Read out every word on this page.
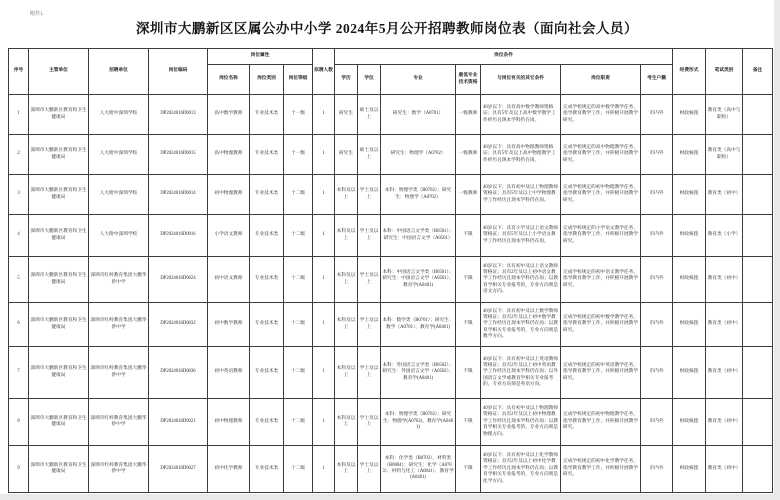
附件1.
深圳市大鹏新区区属公办中小学 2024年5月公开招聘教师岗位表（面向社会人员）
序号	主管单位	招聘单位	岗位编码	岗位属性			拟聘人数	岗位条件							经费形式	笔试类别	备注
				岗位名称	岗位类别	岗位等级		学历	学位	专业	最低专业技术资格	与岗位有关的其它条件	岗位职责	考生户籍			
1	深圳市大鹏新区教育和卫生健康局	人大附中深圳学校	DP2024016D0013	高中数学教师	专业技术类	十一级	1	研究生	硕士及以上	研究生：数学（A0701）	一级教师	40岁以下；具有高中数学教师资格证；具有5年及以上高中数学教学工作经历且现本学科仍在岗。	完成学校规定的高中数学教学任务，指导教育教学工作，并积极开展教学研究。	市内外	财政核拨	教育类（高中与职校）	
2	深圳市大鹏新区教育和卫生健康局	人大附中深圳学校	DP2024016D0015	高中物理教师	专业技术类	十一级	1	研究生	硕士及以上	研究生：物理学（A0702）	一级教师	40岁以下；具有高中物理教师资格证；具有5年及以上高中物理教学工作经历且现本学科仍在岗。	完成学校规定的高中物理教学任务，指导教育教学工作，并积极开展教学研究。	市内外	财政核拨	教育类（高中与职校）	
3	深圳市大鹏新区教育和卫生健康局	人大附中深圳学校	DP2024016D0014	初中物理教师	专业技术类	十二级	1	本科及以上	学士及以上	本科：物理学类（B0702）；研究生：物理学（A0702）	一级教师	40岁以下；具有初中及以上物理教师资格证；具有5年及以上中学物理教学工作经历且现本学科仍在岗。	完成学校规定的初中物理教学任务，指导教育教学工作，并积极开展教学研究。	市内外	财政核拨	教育类（初中）	
4	深圳市大鹏新区教育和卫生健康局	人大附中深圳学校	DP2024016D0016	小学语文教师	专业技术类	十二级	1	本科及以上	学士及以上	本科：中国语言文学类（B0501）；研究生：中国语言文学（A0501）	不限	40岁以下；具有小学及以上语文教师资格证；具有5年及以上小学语文教学工作经历且现本学科仍在岗。	完成学校规定的小学语文教学任务，指导教育教学工作，并积极开展教学研究。	市内外	财政核拨	教育类（小学）	
5	深圳市大鹏新区教育和卫生健康局	深圳市红岭教育集团大鹏华侨中学	DP2024016D0024	初中语文教师	专业技术类	十二级	1	本科及以上	学士及以上	本科：中国语言文学类（B0501）；研究生：中国语言文学（A0501）、教育学(A0401)	不限	40岁以下；具有初中及以上语文教师资格证；具有2年及以上初中语文教学工作经历且现本学科仍在岗；以教育学相关专业报考的，专业方向须是语文方向。	完成学校规定的初中语文教学任务，指导教育教学工作，并积极开展教学研究。	市内外	财政核拨	教育类（初中）	
6	深圳市大鹏新区教育和卫生健康局	深圳市红岭教育集团大鹏华侨中学	DP2024016D0032	初中数学教师	专业技术类	十二级	1	本科及以上	学士及以上	本科：数学类（B0701）；研究生：数学（A0701）、教育学(A0401)	不限	40岁以下；具有初中及以上数学教师资格证；具有2年及以上初中数学教学工作经历且现本学科仍在岗；以教育学相关专业报考的，专业方向须是数学方向。	完成学校规定的初中数学教学任务，指导教育教学工作，并积极开展教学研究。	市内外	财政核拨	教育类（初中）	
7	深圳市大鹏新区教育和卫生健康局	深圳市红岭教育集团大鹏华侨中学	DP2024016D0036	初中英语教师	专业技术类	十二级	1	本科及以上	学士及以上	本科：外国语言文学类（B0502）；研究生：外国语言文学（A0502）、教育学(A0401)	不限	40岁以下；具有初中及以上英语教师资格证；具有2年及以上初中英语教学工作经历且现本学科仍在岗；以外国语言文学或教育学相关专业报考的，专业方向须是英语方向。	完成学校规定的初中英语教学任务，指导教育教学工作，并积极开展教学研究。	市内外	财政核拨	教育类（初中）	
8	深圳市大鹏新区教育和卫生健康局	深圳市红岭教育集团大鹏华侨中学	DP2024016D0021	初中物理教师	专业技术类	十二级	1	本科及以上	学士及以上	本科：物理学类（B0702）；研究生：物理学(A0702)、教育学(A0401)	不限	40岁以下；具有初中及以上物理教师资格证；具有2年及以上初中物理教学工作经历且现本学科仍在岗；以教育学相关专业报考的，专业方向须是物理方向。	完成学校规定的初中物理教学任务，指导教育教学工作，并积极开展教学研究。	市内外	财政核拨	教育类（初中）	
9	深圳市大鹏新区教育和卫生健康局	深圳市红岭教育集团大鹏华侨中学	DP2024016D0027	初中化学教师	专业技术类	十二级	1	本科及以上	学士及以上	本科：化学类（B0703）、材料类（B0804）；研究生：化学（A0703）、材料与化工（A0841）、教育学(A0401)	不限	40岁以下；具有初中及以上化学教师资格证；具有2年及以上初中化学教学工作经历且现本学科仍在岗；以教育学相关专业报考的，专业方向须是化学方向。	完成学校规定的初中化学教学任务，指导教育教学工作，并积极开展教学研究。	市内外	财政核拨	教育类（初中）	
